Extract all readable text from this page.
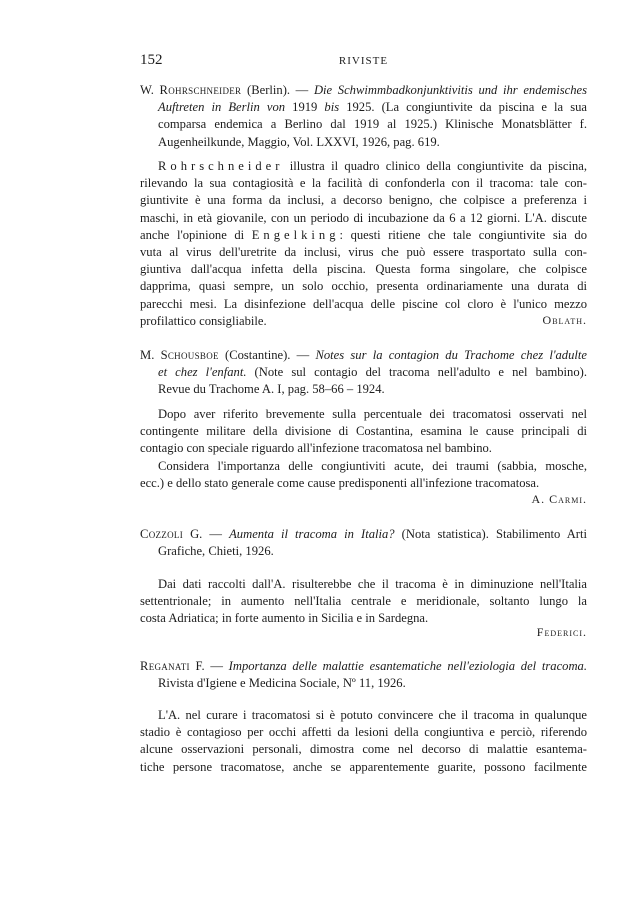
152	RIVISTE
W. Rohrschneider (Berlin). — Die Schwimmbadkonjunktivitis und ihr endemisches
Auftreten in Berlin von 1919 bis 1925. (La congiuntivite da piscina e la sua
comparsa endemica a Berlino dal 1919 al 1925.) Klinische Monatsblätter f.
Augenheilkunde, Maggio, Vol. LXXVI, 1926, pag. 619.
Rohrschneider illustra il quadro clinico della congiuntivite da piscina,
rilevando la sua contagiosità e la facilità di confonderla con il tracoma: tale con-
giuntivite è una forma da inclusi, a decorso benigno, che colpisce a preferenza i
maschi, in età giovanile, con un periodo di incubazione da 6 a 12 giorni. L'A. discute
anche l'opinione di Engelking: questi ritiene che tale congiuntivite sia do
vuta al virus dell'uretrite da inclusi, virus che può essere trasportato sulla con-
giuntiva dall'acqua infetta della piscina. Questa forma singolare, che colpisce
dapprima, quasi sempre, un solo occhio, presenta ordinariamente una durata di
parecchi mesi. La disinfezione dell'acqua delle piscine col cloro è l'unico mezzo
profilattico consigliabile.	Oblath.
M. Schousboe (Costantine). — Notes sur la contagion du Trachome chez l'adulte
et chez l'enfant. (Note sul contagio del tracoma nell'adulto e nel bambino).
Revue du Trachome A. I, pag. 58–66 – 1924.
Dopo aver riferito brevemente sulla percentuale dei tracomatosi osservati nel
contingente militare della divisione di Costantina, esamina le cause principali di
contagio con speciale riguardo all'infezione tracomatosa nel bambino.
Considera l'importanza delle congiuntiviti acute, dei traumi (sabbia, mosche,
ecc.) e dello stato generale come cause predisponenti all'infezione tracomatosa.
A. Carmi.
Cozzoli G. — Aumenta il tracoma in Italia? (Nota statistica). Stabilimento Arti
Grafiche, Chieti, 1926.
Dai dati raccolti dall'A. risulterebbe che il tracoma è in diminuzione nell'Italia
settentrionale; in aumento nell'Italia centrale e meridionale, soltanto lungo la
costa Adriatica; in forte aumento in Sicilia e in Sardegna.
Federici.
Reganati F. — Importanza delle malattie esantematiche nell'eziologia del tracoma.
Rivista d'Igiene e Medicina Sociale, Nº 11, 1926.
L'A. nel curare i tracomatosi si è potuto convincere che il tracoma in qualunque
stadio è contagioso per occhi affetti da lesioni della congiuntiva e perciò, riferendo
alcune osservazioni personali, dimostra come nel decorso di malattie esantema-
tiche persone tracomatose, anche se apparentemente guarite, possono facilmente
